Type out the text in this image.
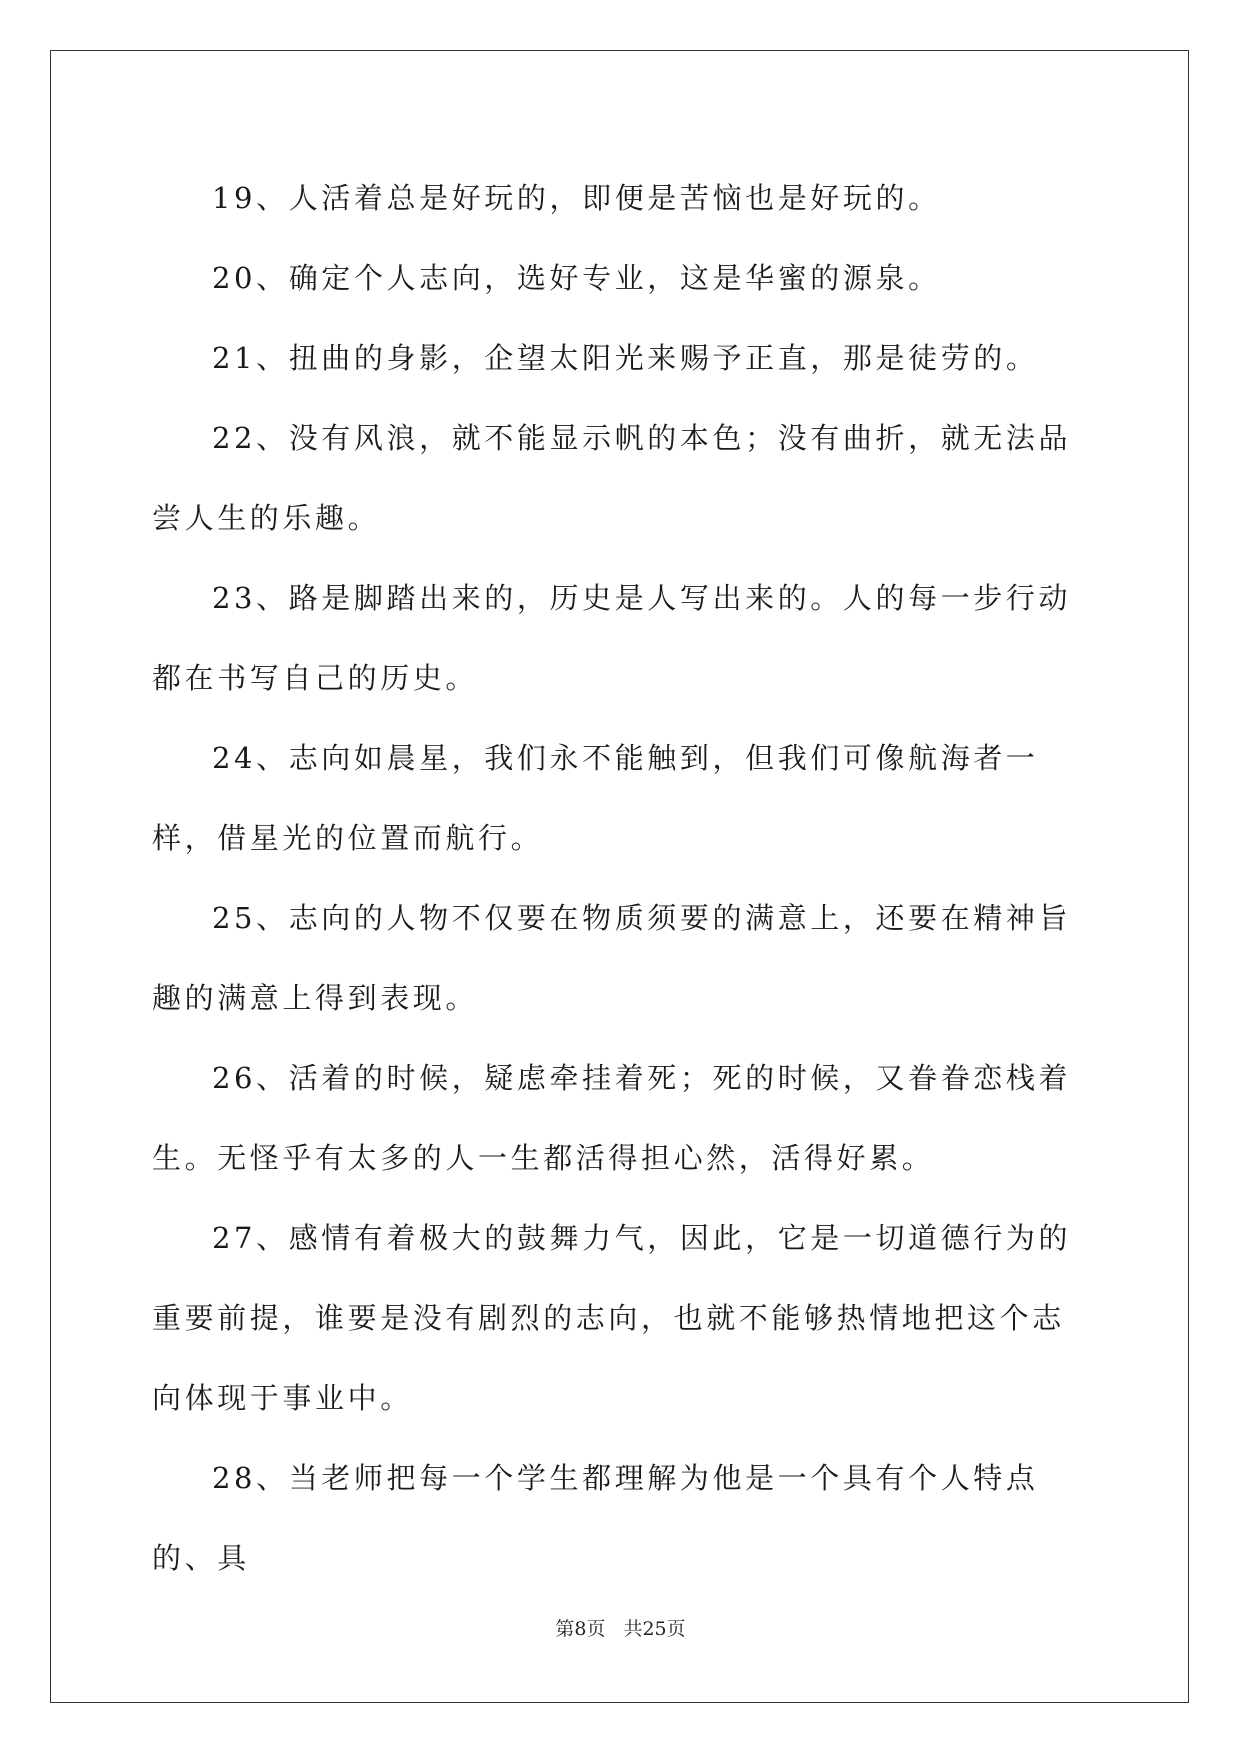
19、人活着总是好玩的，即便是苦恼也是好玩的。

20、确定个人志向，选好专业，这是华蜜的源泉。

21、扭曲的身影，企望太阳光来赐予正直，那是徒劳的。

22、没有风浪，就不能显示帆的本色；没有曲折，就无法品尝人生的乐趣。

23、路是脚踏出来的，历史是人写出来的。人的每一步行动都在书写自己的历史。

24、志向如晨星，我们永不能触到，但我们可像航海者一样，借星光的位置而航行。

25、志向的人物不仅要在物质须要的满意上，还要在精神旨趣的满意上得到表现。

26、活着的时候，疑虑牵挂着死；死的时候，又眷眷恋栈着生。无怪乎有太多的人一生都活得担心然，活得好累。

27、感情有着极大的鼓舞力气，因此，它是一切道德行为的重要前提，谁要是没有剧烈的志向，也就不能够热情地把这个志向体现于事业中。

28、当老师把每一个学生都理解为他是一个具有个人特点的、具

第8页 共25页
